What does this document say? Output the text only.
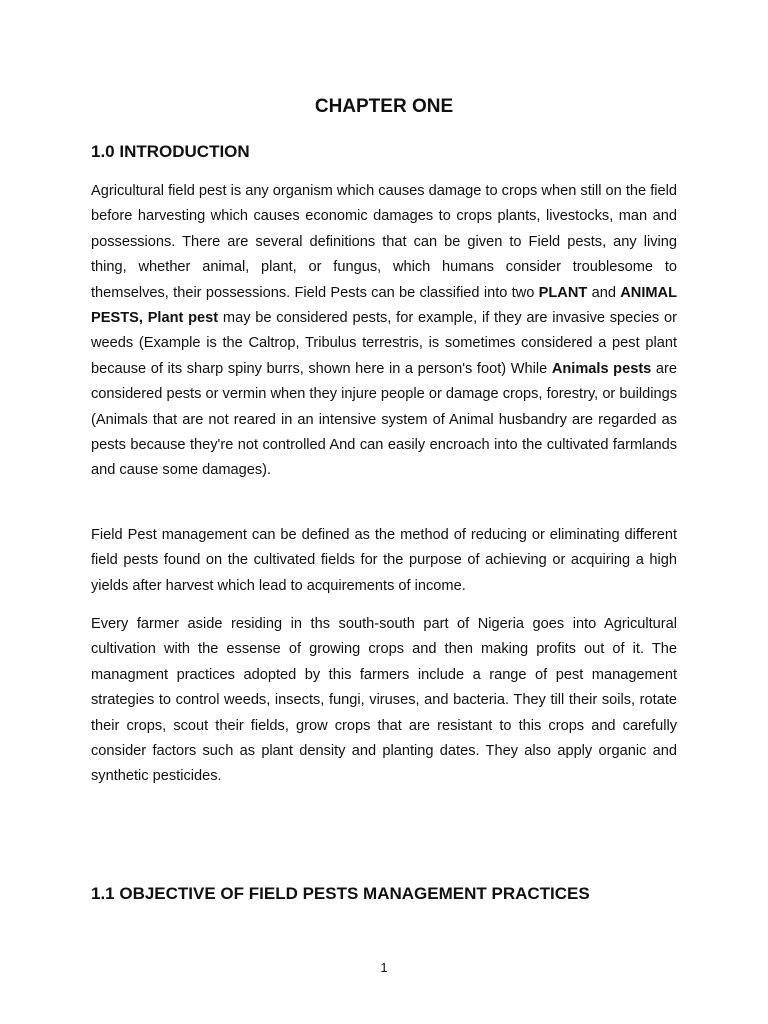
CHAPTER ONE
1.0 INTRODUCTION

Agricultural field pest is any organism which causes damage to crops when still on the field before harvesting which causes economic damages to crops plants, livestocks, man and possessions. There are several definitions that can be given to Field pests, any living thing, whether animal, plant, or fungus, which humans consider troublesome to themselves, their possessions. Field Pests can be classified into two PLANT and ANIMAL PESTS, Plant pest may be considered pests, for example, if they are invasive species or weeds (Example is the Caltrop, Tribulus terrestris, is sometimes considered a pest plant because of its sharp spiny burrs, shown here in a person's foot) While Animals pests are considered pests or vermin when they injure people or damage crops, forestry, or buildings (Animals that are not reared in an intensive system of Animal husbandry are regarded as pests because they're not controlled And can easily encroach into the cultivated farmlands and cause some damages).

Field Pest management can be defined as the method of reducing or eliminating different field pests found on the cultivated fields for the purpose of achieving or acquiring a high yields after harvest which lead to acquirements of income.

Every farmer aside residing in ths south-south part of Nigeria goes into Agricultural cultivation with the essense of growing crops and then making profits out of it. The managment practices adopted by this farmers include a range of pest management strategies to control weeds, insects, fungi, viruses, and bacteria. They till their soils, rotate their crops, scout their fields, grow crops that are resistant to this crops and carefully consider factors such as plant density and planting dates. They also apply organic and synthetic pesticides.

1.1 OBJECTIVE OF FIELD PESTS MANAGEMENT PRACTICES
1
